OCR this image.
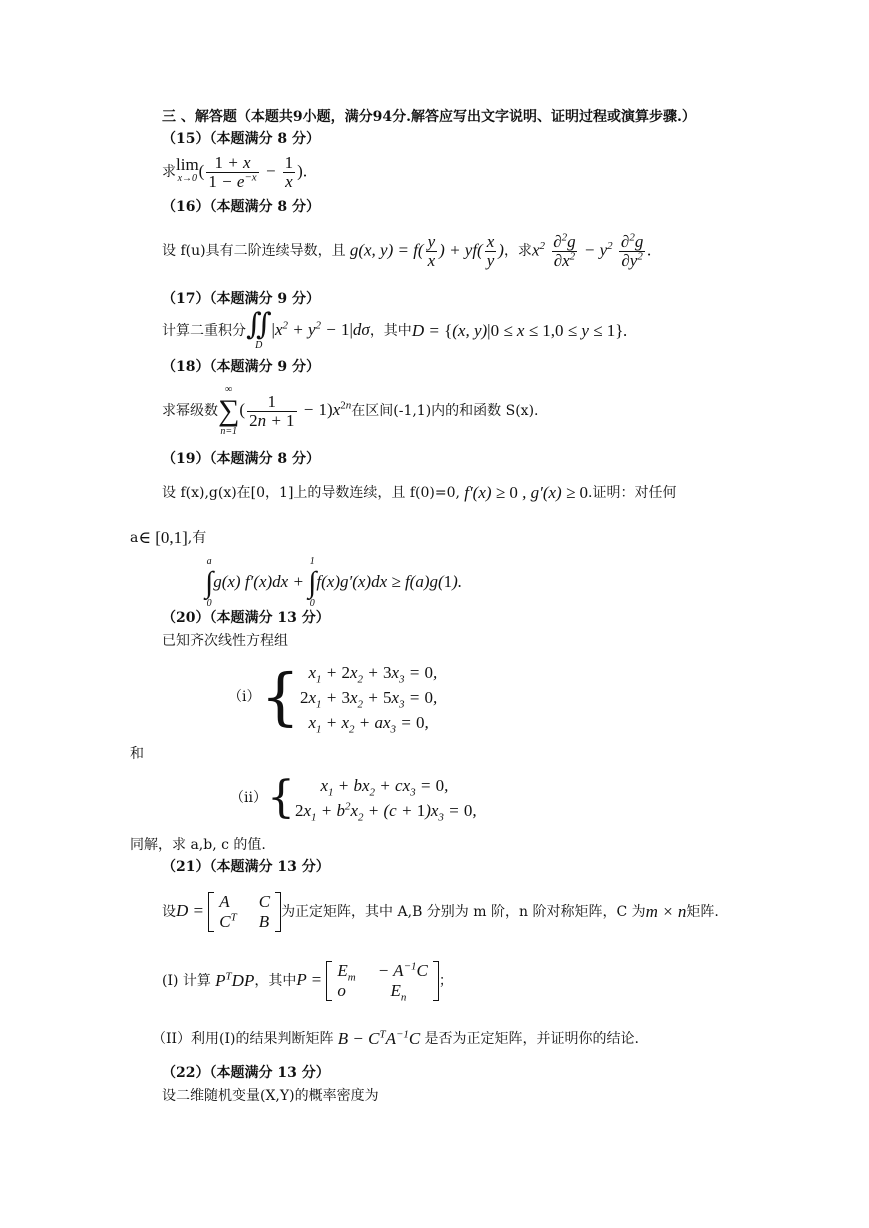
三 、解答题（本题共9小题，满分94分.解答应写出文字说明、证明过程或演算步骤.）
（15）（本题满分 8 分）
求 lim
x→0 ( $\frac{1 + x}{1 - e^{-x}} - \frac{1}{x}$ ).
（16）（本题满分 8 分）
设 f(u)具有二阶连续导数，且 g(x, $y) = f( \frac{y}{x}$ ) + $yf( \frac{x}{y}$ ) ，求 $x^2 \frac{\partial^2g}{\partial x^2} - y^2 \frac{\partial^2g}{\partial y^2}$ .
（17）（本题满分 9 分）
计算二重积分 ∬
D
$|x^2 + y^2 - 1|d\sigma$ ，其中 D = {(x, y)|0 ≤ x ≤ 1,0 ≤ y ≤ 1}.
（18）（本题满分 9 分）
求幂级数
∞
∑
n=1
( $\frac{1}{2n + 1} - 1)x^{2n}$ 在区间(-1,1)内的和函数 S(x).
（19）（本题满分 8 分）
设 f(x),g(x)在[0，1]上的导数连续，且 f(0)=0, f′(x) ≥ 0 , g′(x) ≥ 0 .证明：对任何
a ∈ [0,1] ,有
a
∫
0
g(x) f′(x)dx +
1
∫
0
f(x)g′(x)dx ≥ f(a)g(1).
（20）（本题满分 13 分）
已知齐次线性方程组
（i） { $x_1 + 2x_2 + 3x_3 = 0$,
$2x_1 + 3x_2 + 5x_3 = 0$,
$x_1 + x_2 + ax_3 = 0$,
和
（ii） { $x_1 + bx_2 + cx_3 = 0$,
$2x_1 + b^2x_2 + (c + 1)x_3 = 0$,
同解，求 a,b, c 的值.
（21）（本题满分 13 分）
设 D = A	C
$C^T$ B 为正定矩阵，其中 A,B 分别为 m 阶，n 阶对称矩阵，C 为 m × n 矩阵.
(I) 计算 $P^TDP$ ，其中 $P = E_m - A^{-1}C$
o	$E_n$
；
（II）利用(I)的结果判断矩阵 $B - C^TA^{-1}C$ 是否为正定矩阵，并证明你的结论.
（22）（本题满分 13 分）
设二维随机变量(X,Y)的概率密度为
